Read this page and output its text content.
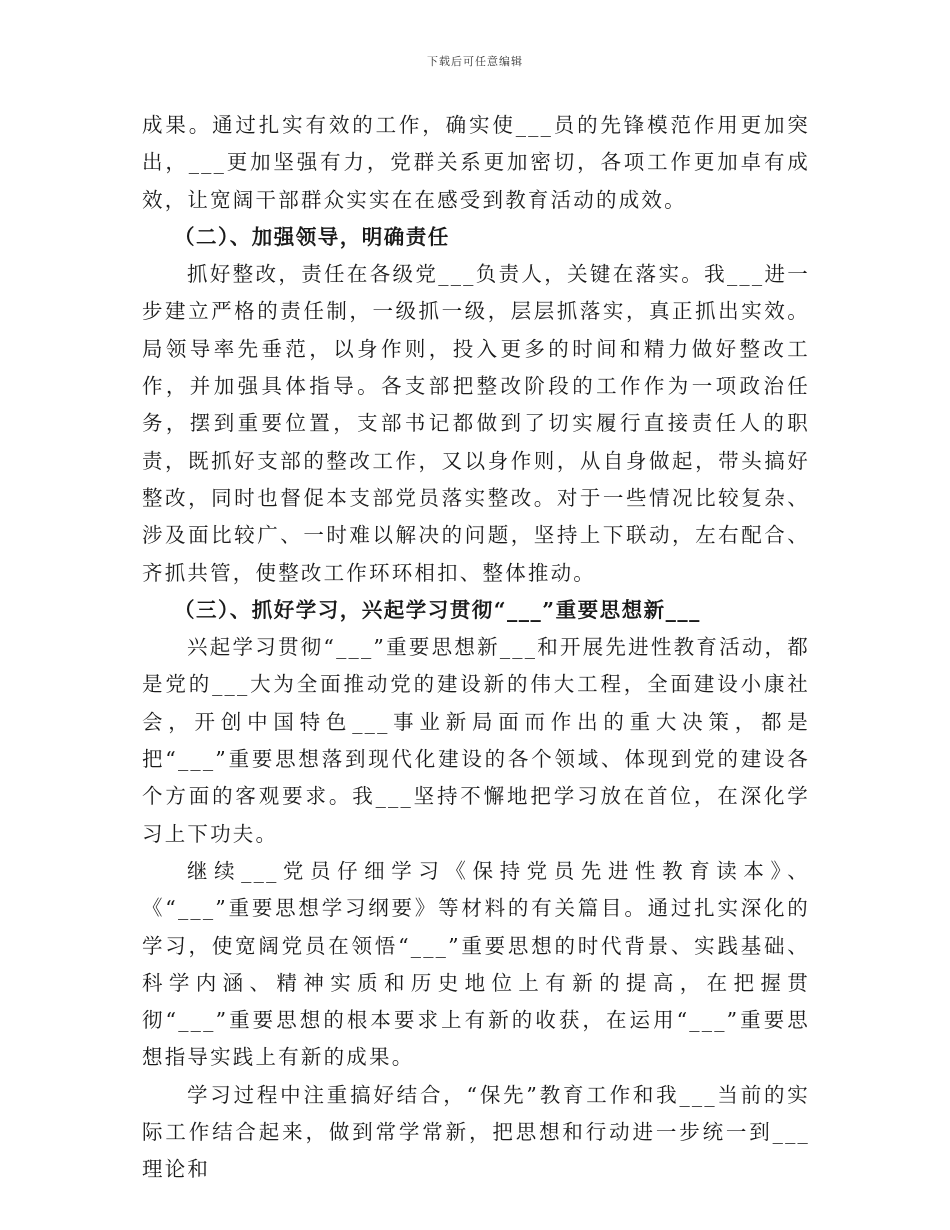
下载后可任意编辑

成果。通过扎实有效的工作，确实使___员的先锋模范作用更加突出，___更加坚强有力，党群关系更加密切，各项工作更加卓有成效，让宽阔干部群众实实在在感受到教育活动的成效。

（二）、加强领导，明确责任

抓好整改，责任在各级党___负责人，关键在落实。我___进一步建立严格的责任制，一级抓一级，层层抓落实，真正抓出实效。局领导率先垂范，以身作则，投入更多的时间和精力做好整改工作，并加强具体指导。各支部把整改阶段的工作作为一项政治任务，摆到重要位置，支部书记都做到了切实履行直接责任人的职责，既抓好支部的整改工作，又以身作则，从自身做起，带头搞好整改，同时也督促本支部党员落实整改。对于一些情况比较复杂、涉及面比较广、一时难以解决的问题，坚持上下联动，左右配合、齐抓共管，使整改工作环环相扣、整体推动。

（三）、抓好学习，兴起学习贯彻“___”重要思想新___

兴起学习贯彻“___”重要思想新___和开展先进性教育活动，都是党的___大为全面推动党的建设新的伟大工程，全面建设小康社会，开创中国特色___事业新局面而作出的重大决策，都是把“___”重要思想落到现代化建设的各个领域、体现到党的建设各个方面的客观要求。我___坚持不懈地把学习放在首位，在深化学习上下功夫。

继续___党员仔细学习《保持党员先进性教育读本》、《“___”重要思想学习纲要》等材料的有关篇目。通过扎实深化的学习，使宽阔党员在领悟“___”重要思想的时代背景、实践基础、科学内涵、精神实质和历史地位上有新的提高，在把握贯彻“___”重要思想的根本要求上有新的收获，在运用“___”重要思想指导实践上有新的成果。

学习过程中注重搞好结合，“保先”教育工作和我___当前的实际工作结合起来，做到常学常新，把思想和行动进一步统一到___理论和
